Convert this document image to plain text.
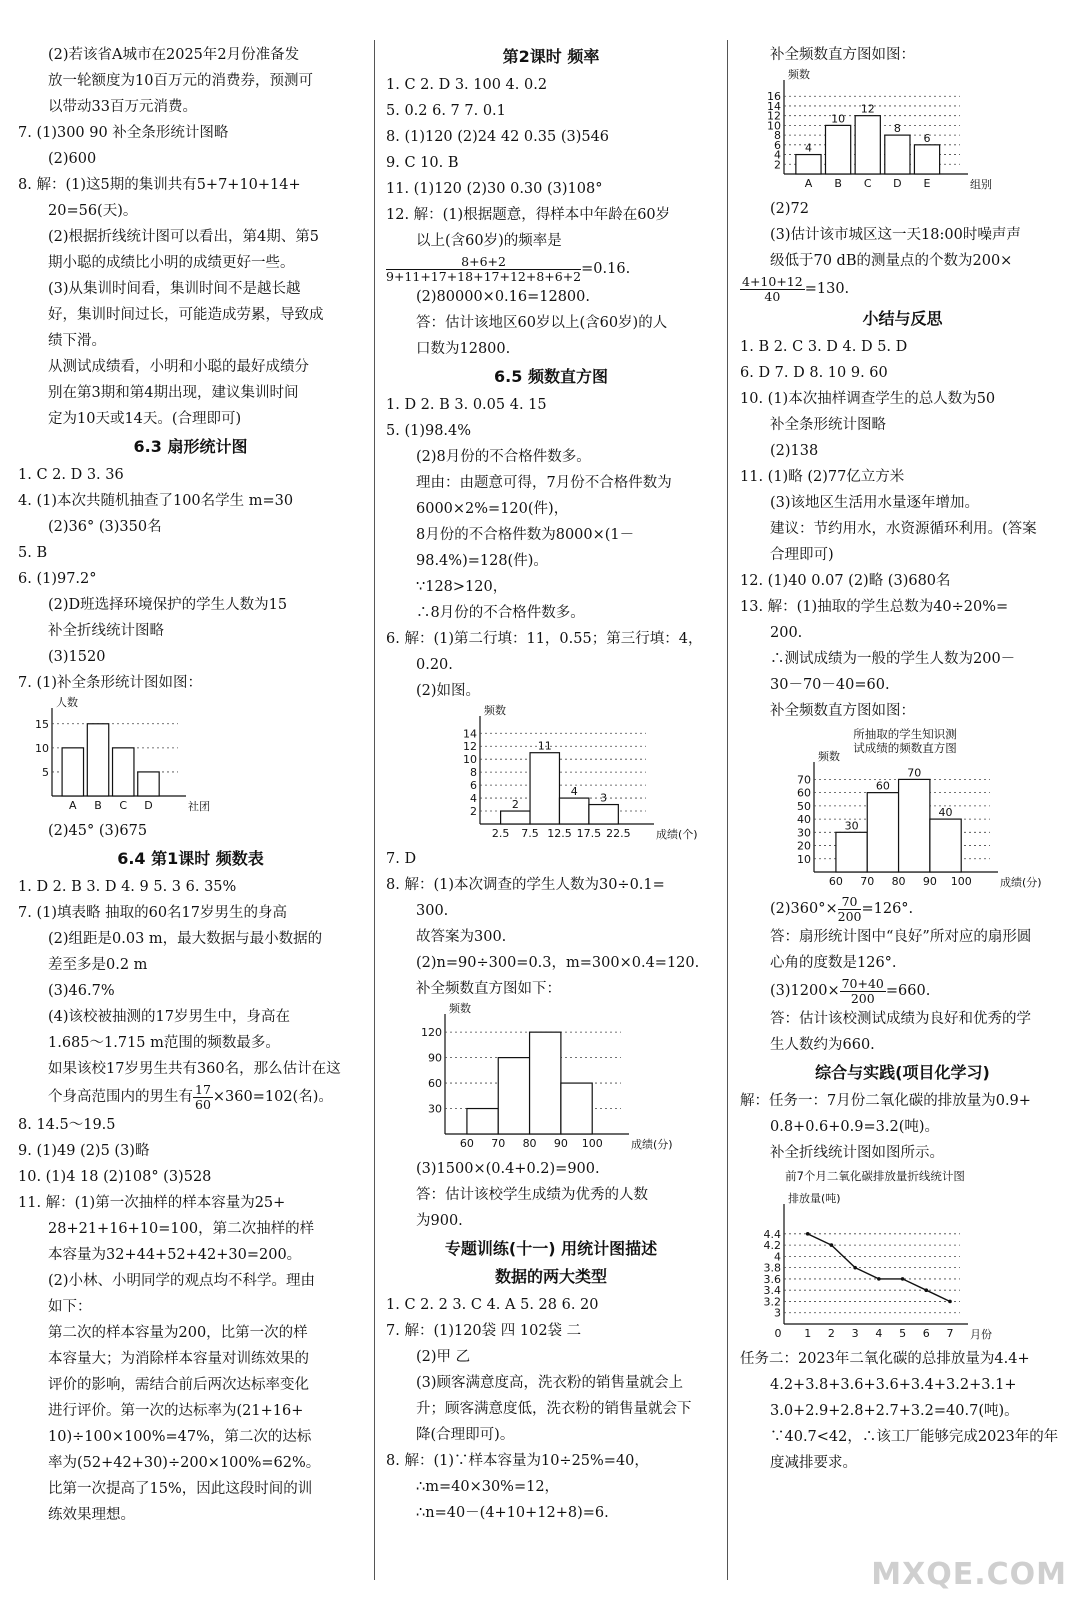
(2)若该省A城市在2025年2月份准备发
放一轮额度为10百万元的消费券，预测可
以带动33百万元消费。
7. (1)300 90 补全条形统计图略
(2)600
8. 解：(1)这5期的集训共有5+7+10+14+
20=56(天)。
(2)根据折线统计图可以看出，第4期、第5
期小聪的成绩比小明的成绩更好一些。
(3)从集训时间看，集训时间不是越长越
好，集训时间过长，可能造成劳累，导致成
绩下滑。
从测试成绩看，小明和小聪的最好成绩分
别在第3期和第4期出现，建议集训时间
定为10天或14天。(合理即可)
6.3 扇形统计图
1. C 2. D 3. 36
4. (1)本次共随机抽查了100名学生 m=30
(2)36° (3)350名
5. B
6. (1)97.2°
(2)D班选择环境保护的学生人数为15
补全折线统计图略
(3)1520
7. (1)补全条形统计图如图：
人数
社团
5
10
15
A B C D
(2)45° (3)675
6.4 第1课时 频数表
1. D 2. B 3. D 4. 9 5. 3 6. 35%
7. (1)填表略 抽取的60名17岁男生的身高
(2)组距是0.03 m，最大数据与最小数据的
差至多是0.2 m
(3)46.7%
(4)该校被抽测的17岁男生中，身高在
1.685～1.715 m范围的频数最多。
如果该校17岁男生共有360名，那么估计在这
个身高范围内的男生有 $\frac{17}{60} \times 360=102$(名)。
8. 14.5～19.5
9. (1)49 (2)5 (3)略
10. (1)4 18 (2)108° (3)528
11. 解：(1)第一次抽样的样本容量为25+
28+21+16+10=100，第二次抽样的样
本容量为32+44+52+42+30=200。
(2)小林、小明同学的观点均不科学。理由
如下：
第二次的样本容量为200，比第一次的样
本容量大；为消除样本容量对训练效果的
评价的影响，需结合前后两次达标率变化
进行评价。第一次的达标率为(21+16+
10)÷100×100%=47%，第二次的达标
率为(52+42+30)÷200×100%=62%。
比第一次提高了15%，因此这段时间的训
练效果理想。
第2课时 频率
1. C 2. D 3. 100 4. 0.2
5. 0.2 6. 7 7. 0.1
8. (1)120 (2)24 42 0.35 (3)546
9. C 10. B
11. (1)120 (2)30 0.30 (3)108°
12. 解：(1)根据题意，得样本中年龄在60岁
以上(含60岁)的频率是
$\frac{8+6+2}{9+11+17+18+17+12+8+6+2} =0.16$.
(2)80000×0.16=12800.
答：估计该地区60岁以上(含60岁)的人
口数为12800.
6.5 频数直方图
1. D 2. B 3. 0.05 4. 15
5. (1)98.4%
(2)8月份的不合格件数多。
理由：由题意可得，7月份不合格件数为
6000×2%=120(件)，
8月份的不合格件数为8000×(1－
98.4%)=128(件)。
∵128>120，
∴8月份的不合格件数多。
6. 解：(1)第二行填：11，0.55；第三行填：4，
0.20.
(2)如图。
频数
成绩(个)
2
4
6
8
10
12
14
2
11
4 3
2.5 7.5 12.5 17.5 22.5
7. D
8. 解：(1)本次调查的学生人数为30÷0.1=
300.
故答案为300.
(2)n=90÷300=0.3，m=300×0.4=120.
补全频数直方图如下：
频数
成绩(分)
30
60
90
120
60 70 80 90 100
(3)1500×(0.4+0.2)=900.
答：估计该校学生成绩为优秀的人数
为900.
专题训练(十一) 用统计图描述
数据的两大类型
1. C 2. 2 3. C 4. A 5. 28 6. 20
7. 解：(1)120袋 四 102袋 二
(2)甲 乙
(3)顾客满意度高，洗衣粉的销售量就会上
升；顾客满意度低，洗衣粉的销售量就会下
降(合理即可)。
8. 解：(1)∵样本容量为10÷25%=40，
∴m=40×30%=12，
∴n=40－(4+10+12+8)=6.
补全频数直方图如图：
频数
组别
2
4
6
8
10
12
14
16
4
A
10
B
12
C
8
D
6
E
(2)72
(3)估计该市城区这一天18:00时噪声声
级低于70 dB的测量点的个数为200×
$\frac{4+10+12}{40} =130$.
小结与反思
1. B 2. C 3. D 4. D 5. D
6. D 7. D 8. 10 9. 60
10. (1)本次抽样调查学生的总人数为50
补全条形统计图略
(2)138
11. (1)略 (2)77亿立方米
(3)该地区生活用水量逐年增加。
建议：节约用水，水资源循环利用。(答案
合理即可)
12. (1)40 0.07 (2)略 (3)680名
13. 解：(1)抽取的学生总数为40÷20%=
200.
∴测试成绩为一般的学生人数为200－
30－70－40=60.
补全频数直方图如图：
所抽取的学生知识测
试成绩的频数直方图
频数
成绩(分)
10
20
30
40
50
60
70
30
60
70
40
60 70 80 90 100
$(2)360^\circ\times \frac{70}{200} =126^\circ$.
答：扇形统计图中“良好”所对应的扇形圆
心角的度数是126°.
$(3)1200\times \frac{70+40}{200} =660$.
答：估计该校测试成绩为良好和优秀的学
生人数约为660.
综合与实践(项目化学习)
解：任务一：7月份二氧化碳的排放量为0.9+
0.8+0.6+0.9=3.2(吨)。
补全折线统计图如图所示。
前7个月二氧化碳排放量折线统计图
排放量(吨)
月份
3
3.2
3.4
3.6
3.8
4
4.2
4.4
0 1 2 3 4 5 6 7
任务二：2023年二氧化碳的总排放量为4.4+
4.2+3.8+3.6+3.6+3.4+3.2+3.1+
3.0+2.9+2.8+2.7+3.2=40.7(吨)。
∵40.7<42，∴该工厂能够完成2023年的年
度减排要求。
MXQE.COM
